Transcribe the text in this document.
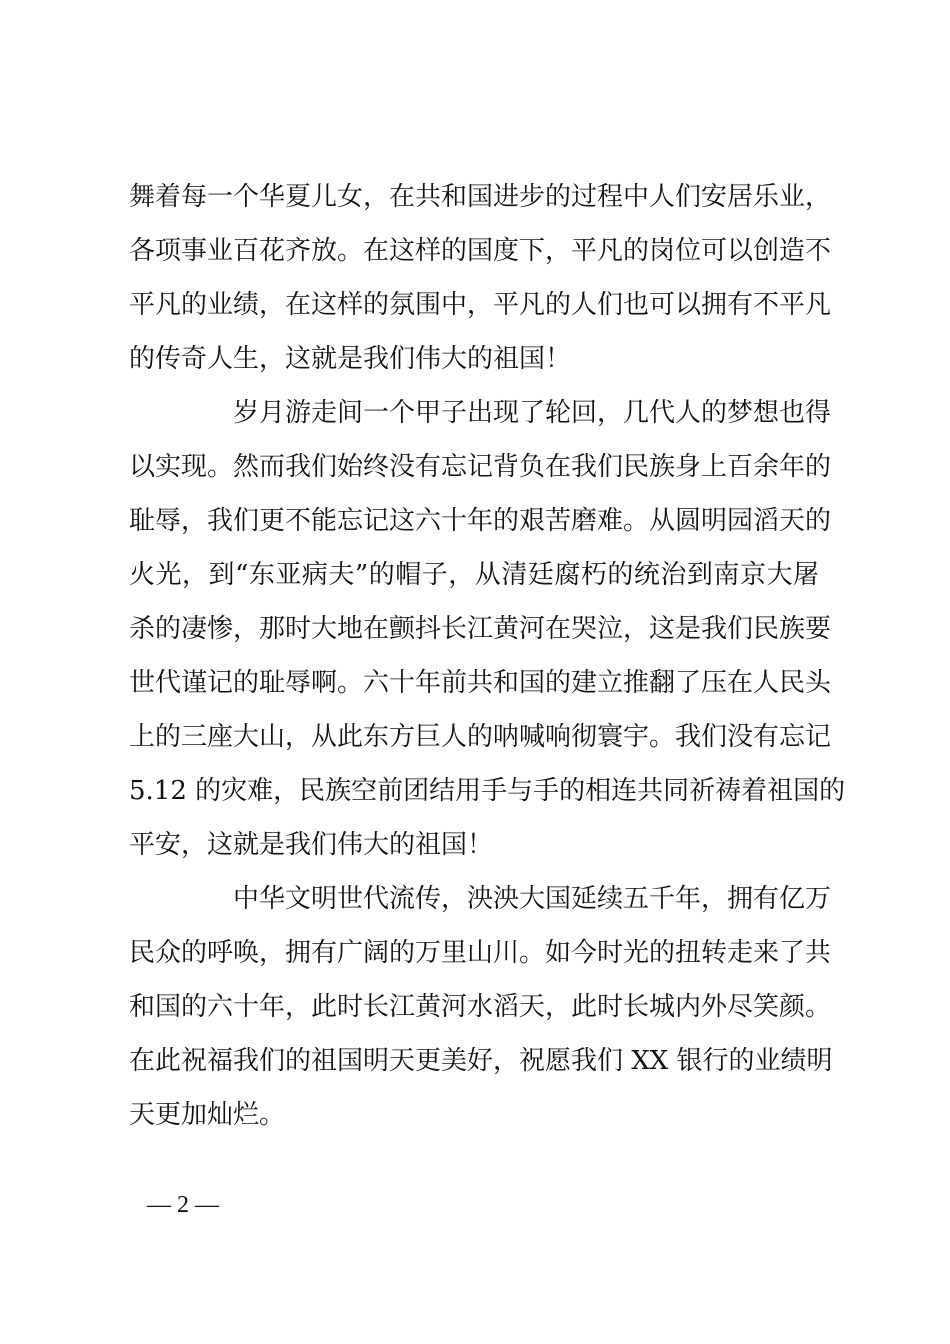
舞着每一个华夏儿女，在共和国进步的过程中人们安居乐业，
各项事业百花齐放。在这样的国度下，平凡的岗位可以创造不
平凡的业绩，在这样的氛围中，平凡的人们也可以拥有不平凡
的传奇人生，这就是我们伟大的祖国！
岁月游走间一个甲子出现了轮回，几代人的梦想也得
以实现。然而我们始终没有忘记背负在我们民族身上百余年的
耻辱，我们更不能忘记这六十年的艰苦磨难。从圆明园滔天的
火光，到“东亚病夫”的帽子，从清廷腐朽的统治到南京大屠
杀的凄惨，那时大地在颤抖长江黄河在哭泣，这是我们民族要
世代谨记的耻辱啊。六十年前共和国的建立推翻了压在人民头
上的三座大山，从此东方巨人的呐喊响彻寰宇。我们没有忘记
5.12 的灾难，民族空前团结用手与手的相连共同祈祷着祖国的
平安，这就是我们伟大的祖国！
中华文明世代流传，泱泱大国延续五千年，拥有亿万
民众的呼唤，拥有广阔的万里山川。如今时光的扭转走来了共
和国的六十年，此时长江黄河水滔天，此时长城内外尽笑颜。
在此祝福我们的祖国明天更美好，祝愿我们 XX 银行的业绩明
天更加灿烂。
— 2 —
